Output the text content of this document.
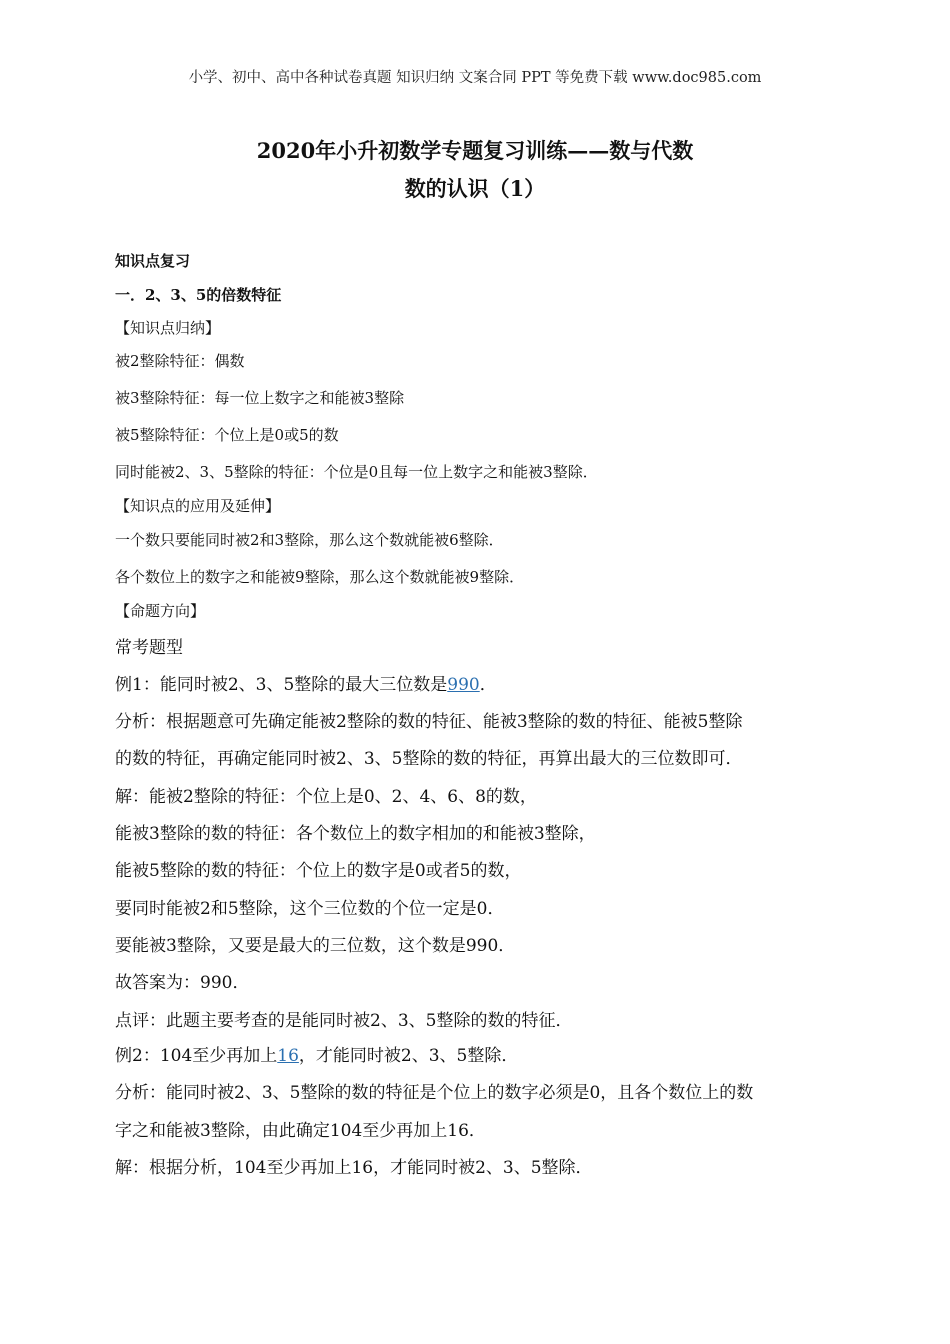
小学、初中、高中各种试卷真题 知识归纳 文案合同 PPT 等免费下载 www.doc985.com
2020年小升初数学专题复习训练——数与代数
数的认识（1）
知识点复习
一．2、3、5的倍数特征
【知识点归纳】
被2整除特征：偶数
被3整除特征：每一位上数字之和能被3整除
被5整除特征：个位上是0或5的数
同时能被2、3、5整除的特征：个位是0且每一位上数字之和能被3整除．
【知识点的应用及延伸】
一个数只要能同时被2和3整除，那么这个数就能被6整除．
各个数位上的数字之和能被9整除，那么这个数就能被9整除．
【命题方向】
常考题型
例1：能同时被2、3、5整除的最大三位数是990．
分析：根据题意可先确定能被2整除的数的特征、能被3整除的数的特征、能被5整除
的数的特征，再确定能同时被2、3、5整除的数的特征，再算出最大的三位数即可．
解：能被2整除的特征：个位上是0、2、4、6、8的数，
能被3整除的数的特征：各个数位上的数字相加的和能被3整除，
能被5整除的数的特征：个位上的数字是0或者5的数，
要同时能被2和5整除，这个三位数的个位一定是0．
要能被3整除，又要是最大的三位数，这个数是990．
故答案为：990．
点评：此题主要考查的是能同时被2、3、5整除的数的特征．
例2：104至少再加上16，才能同时被2、3、5整除．
分析：能同时被2、3、5整除的数的特征是个位上的数字必须是0，且各个数位上的数
字之和能被3整除，由此确定104至少再加上16．
解：根据分析，104至少再加上16，才能同时被2、3、5整除．
